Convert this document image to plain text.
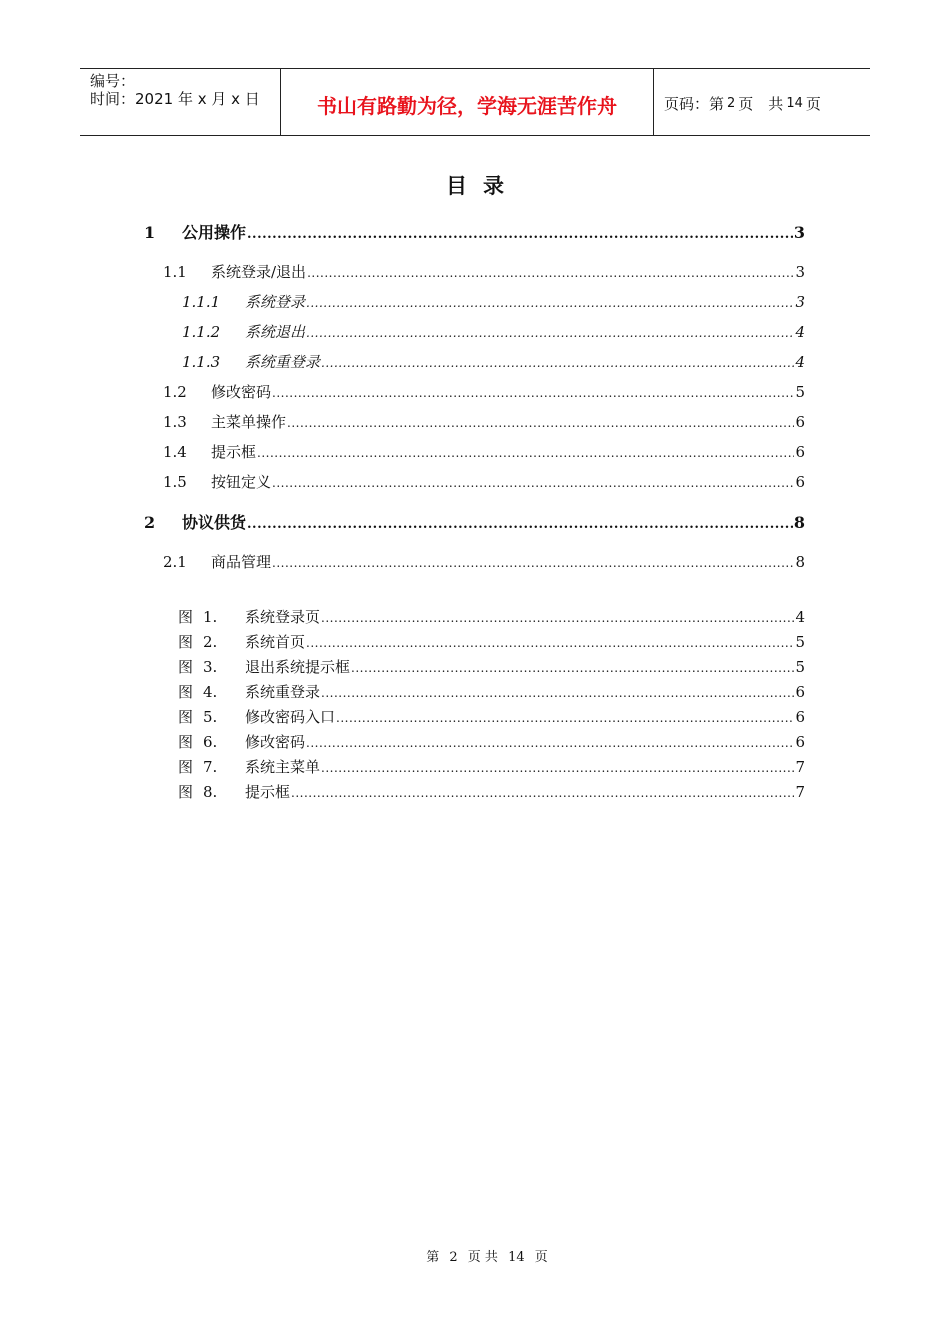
编号：
时间：2021 年 x 月 x 日	书山有路勤为径，学海无涯苦作舟	页码：第 2 页　共 14 页
目录
1	公用操作 .....	3
1.1	系统登录/退出 .....	3
1.1.1	系统登录 .....	3
1.1.2	系统退出 .....	4
1.1.3	系统重登录 .....	4
1.2	修改密码 .....	5
1.3	主菜单操作 .....	6
1.4	提示框 .....	6
1.5	按钮定义 .....	6
2	协议供货 .....	8
2.1	商品管理 .....	8
图 1.	系统登录页 .....	4
图 2.	系统首页 .....	5
图 3.	退出系统提示框 .....	5
图 4.	系统重登录 .....	6
图 5.	修改密码入口 .....	6
图 6.	修改密码 .....	6
图 7.	系统主菜单 .....	7
图 8.	提示框 .....	7
第 2 页 共 14 页
